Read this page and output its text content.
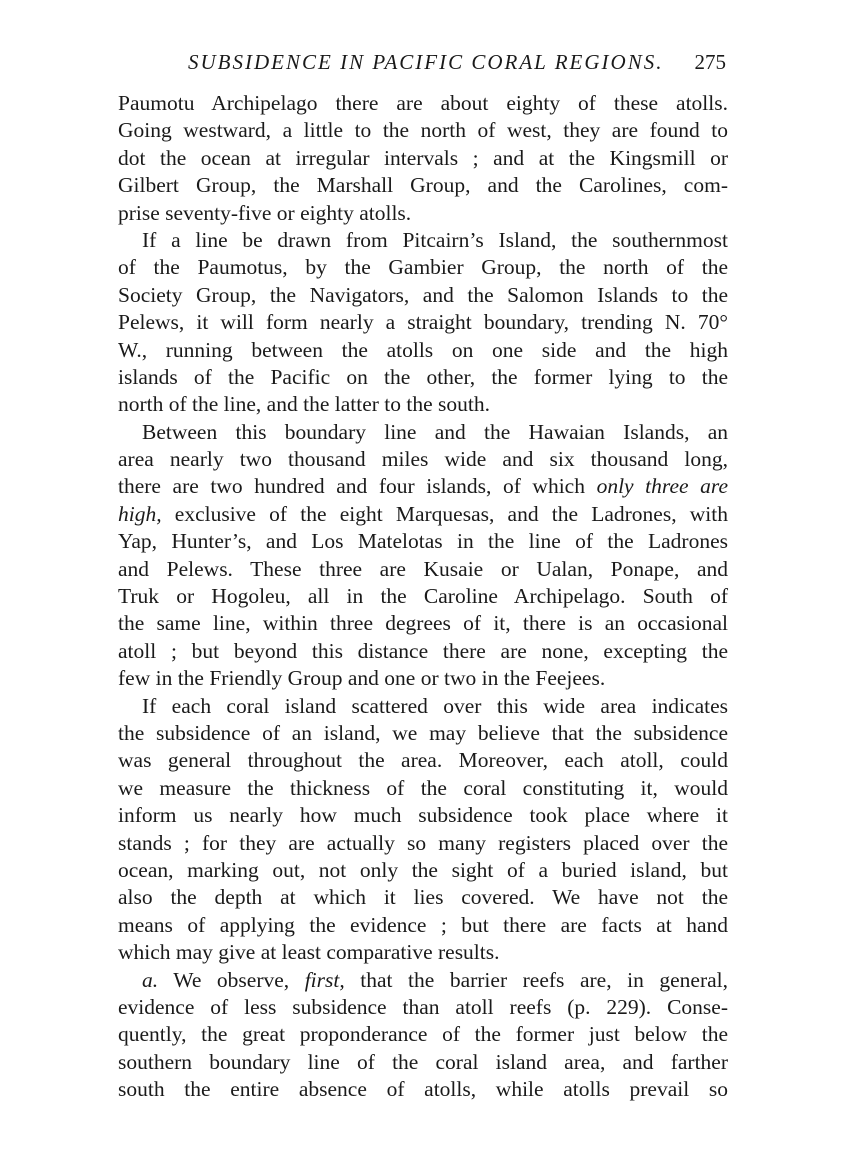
SUBSIDENCE IN PACIFIC CORAL REGIONS. 275
Paumotu Archipelago there are about eighty of these atolls.
Going westward, a little to the north of west, they are found to
dot the ocean at irregular intervals ; and at the Kingsmill or
Gilbert Group, the Marshall Group, and the Carolines, com-
prise seventy-five or eighty atolls.
If a line be drawn from Pitcairn’s Island, the southernmost
of the Paumotus, by the Gambier Group, the north of the
Society Group, the Navigators, and the Salomon Islands to the
Pelews, it will form nearly a straight boundary, trending N. 70°
W., running between the atolls on one side and the high
islands of the Pacific on the other, the former lying to the
north of the line, and the latter to the south.
Between this boundary line and the Hawaian Islands, an
area nearly two thousand miles wide and six thousand long,
there are two hundred and four islands, of which only three are
high, exclusive of the eight Marquesas, and the Ladrones, with
Yap, Hunter’s, and Los Matelotas in the line of the Ladrones
and Pelews. These three are Kusaie or Ualan, Ponape, and
Truk or Hogoleu, all in the Caroline Archipelago. South of
the same line, within three degrees of it, there is an occasional
atoll ; but beyond this distance there are none, excepting the
few in the Friendly Group and one or two in the Feejees.
If each coral island scattered over this wide area indicates
the subsidence of an island, we may believe that the subsidence
was general throughout the area. Moreover, each atoll, could
we measure the thickness of the coral constituting it, would
inform us nearly how much subsidence took place where it
stands ; for they are actually so many registers placed over the
ocean, marking out, not only the sight of a buried island, but
also the depth at which it lies covered. We have not the
means of applying the evidence ; but there are facts at hand
which may give at least comparative results.
a. We observe, first, that the barrier reefs are, in general,
evidence of less subsidence than atoll reefs (p. 229). Conse-
quently, the great proponderance of the former just below the
southern boundary line of the coral island area, and farther
south the entire absence of atolls, while atolls prevail so
